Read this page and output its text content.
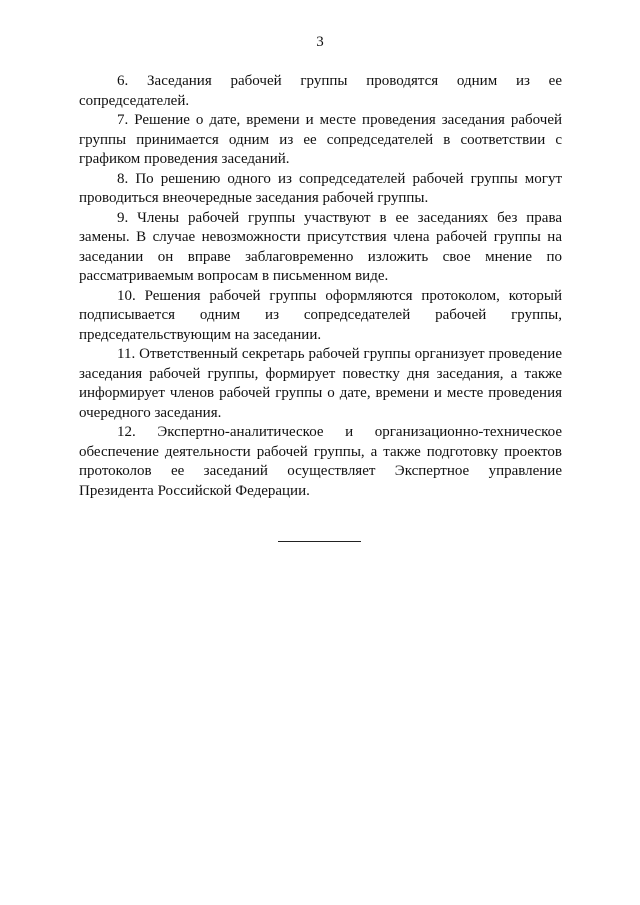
3

6. Заседания рабочей группы проводятся одним из ее сопредседателей.

7. Решение о дате, времени и месте проведения заседания рабочей группы принимается одним из ее сопредседателей в соответствии с графиком проведения заседаний.

8. По решению одного из сопредседателей рабочей группы могут проводиться внеочередные заседания рабочей группы.

9. Члены рабочей группы участвуют в ее заседаниях без права замены. В случае невозможности присутствия члена рабочей группы на заседании он вправе заблаговременно изложить свое мнение по рассматриваемым вопросам в письменном виде.

10. Решения рабочей группы оформляются протоколом, который подписывается одним из сопредседателей рабочей группы, председательствующим на заседании.

11. Ответственный секретарь рабочей группы организует проведение заседания рабочей группы, формирует повестку дня заседания, а также информирует членов рабочей группы о дате, времени и месте проведения очередного заседания.

12. Экспертно-аналитическое и организационно-техническое обеспечение деятельности рабочей группы, а также подготовку проектов протоколов ее заседаний осуществляет Экспертное управление Президента Российской Федерации.
